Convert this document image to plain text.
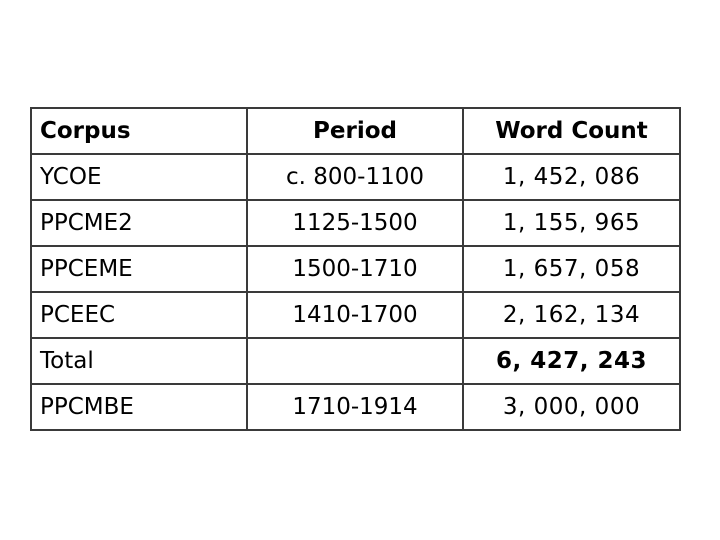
Corpus	Period	Word Count
YCOE	c. 800-1100	1, 452, 086
PPCME2	1125-1500	1, 155, 965
PPCEME	1500-1710	1, 657, 058
PCEEC	1410-1700	2, 162, 134
Total		6, 427, 243
PPCMBE	1710-1914	3, 000, 000
